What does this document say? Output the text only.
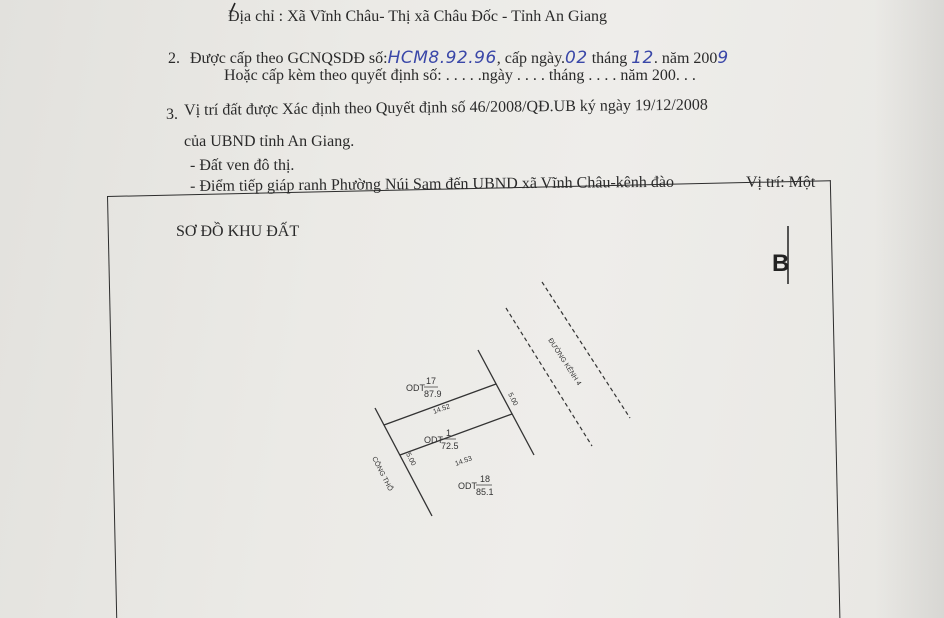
Địa chỉ : Xã Vĩnh Châu- Thị xã Châu Đốc - Tỉnh An Giang
2. Được cấp theo GCNQSDĐ số:HCM8.92.96, cấp ngày.02 tháng 12. năm 2009
Hoặc cấp kèm theo quyết định số: . . . . .ngày . . . . tháng . . . . năm 200. . .
3. Vị trí đất được Xác định theo Quyết định số 46/2008/QĐ.UB ký ngày 19/12/2008
của UBND tỉnh An Giang.
- Đất ven đô thị.
- Điểm tiếp giáp ranh Phường Núi Sam đến UBND xã Vĩnh Châu-kênh đào	Vị trí: Một
SƠ ĐỒ KHU ĐẤT
B
ĐƯỜNG KÊNH 4
CÔNG THỔ
ODT
17
87.9
ODT
1
72.5
ODT
18
85.1
14.52
14.53
5.00
5.00
